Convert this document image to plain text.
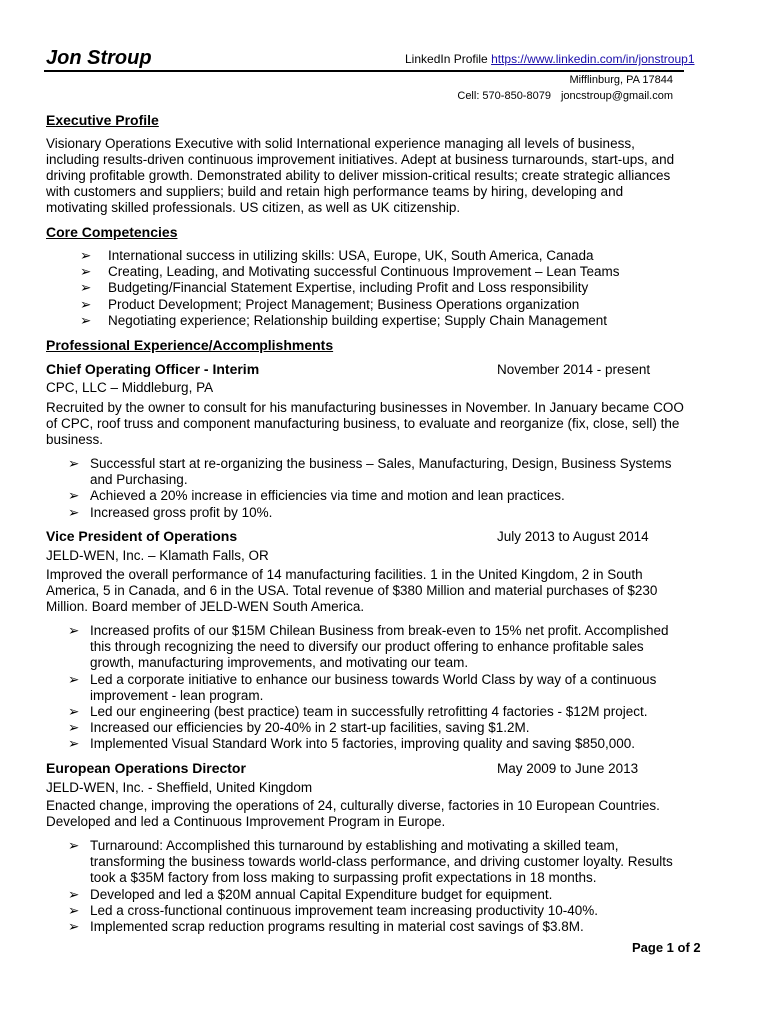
Jon Stroup	LinkedIn Profile https://www.linkedin.com/in/jonstroup1
Mifflinburg, PA 17844
Cell: 570-850-8079 joncstroup@gmail.com
Executive Profile
Visionary Operations Executive with solid International experience managing all levels of business, including results-driven continuous improvement initiatives. Adept at business turnarounds, start-ups, and driving profitable growth. Demonstrated ability to deliver mission-critical results; create strategic alliances with customers and suppliers; build and retain high performance teams by hiring, developing and motivating skilled professionals. US citizen, as well as UK citizenship.
Core Competencies
➢ International success in utilizing skills: USA, Europe, UK, South America, Canada
➢ Creating, Leading, and Motivating successful Continuous Improvement – Lean Teams
➢ Budgeting/Financial Statement Expertise, including Profit and Loss responsibility
➢ Product Development; Project Management; Business Operations organization
➢ Negotiating experience; Relationship building expertise; Supply Chain Management
Professional Experience/Accomplishments
Chief Operating Officer - Interim	November 2014 - present
CPC, LLC – Middleburg, PA
Recruited by the owner to consult for his manufacturing businesses in November. In January became COO of CPC, roof truss and component manufacturing business, to evaluate and reorganize (fix, close, sell) the business.
➢ Successful start at re-organizing the business – Sales, Manufacturing, Design, Business Systems and Purchasing.
➢ Achieved a 20% increase in efficiencies via time and motion and lean practices.
➢ Increased gross profit by 10%.
Vice President of Operations	July 2013 to August 2014
JELD-WEN, Inc. – Klamath Falls, OR
Improved the overall performance of 14 manufacturing facilities. 1 in the United Kingdom, 2 in South America, 5 in Canada, and 6 in the USA. Total revenue of $380 Million and material purchases of $230 Million. Board member of JELD-WEN South America.
➢ Increased profits of our $15M Chilean Business from break-even to 15% net profit. Accomplished this through recognizing the need to diversify our product offering to enhance profitable sales growth, manufacturing improvements, and motivating our team.
➢ Led a corporate initiative to enhance our business towards World Class by way of a continuous improvement - lean program.
➢ Led our engineering (best practice) team in successfully retrofitting 4 factories - $12M project.
➢ Increased our efficiencies by 20-40% in 2 start-up facilities, saving $1.2M.
➢ Implemented Visual Standard Work into 5 factories, improving quality and saving $850,000.
European Operations Director	May 2009 to June 2013
JELD-WEN, Inc. - Sheffield, United Kingdom
Enacted change, improving the operations of 24, culturally diverse, factories in 10 European Countries. Developed and led a Continuous Improvement Program in Europe.
➢ Turnaround: Accomplished this turnaround by establishing and motivating a skilled team, transforming the business towards world-class performance, and driving customer loyalty. Results took a $35M factory from loss making to surpassing profit expectations in 18 months.
➢ Developed and led a $20M annual Capital Expenditure budget for equipment.
➢ Led a cross-functional continuous improvement team increasing productivity 10-40%.
➢ Implemented scrap reduction programs resulting in material cost savings of $3.8M.
Page 1 of 2
